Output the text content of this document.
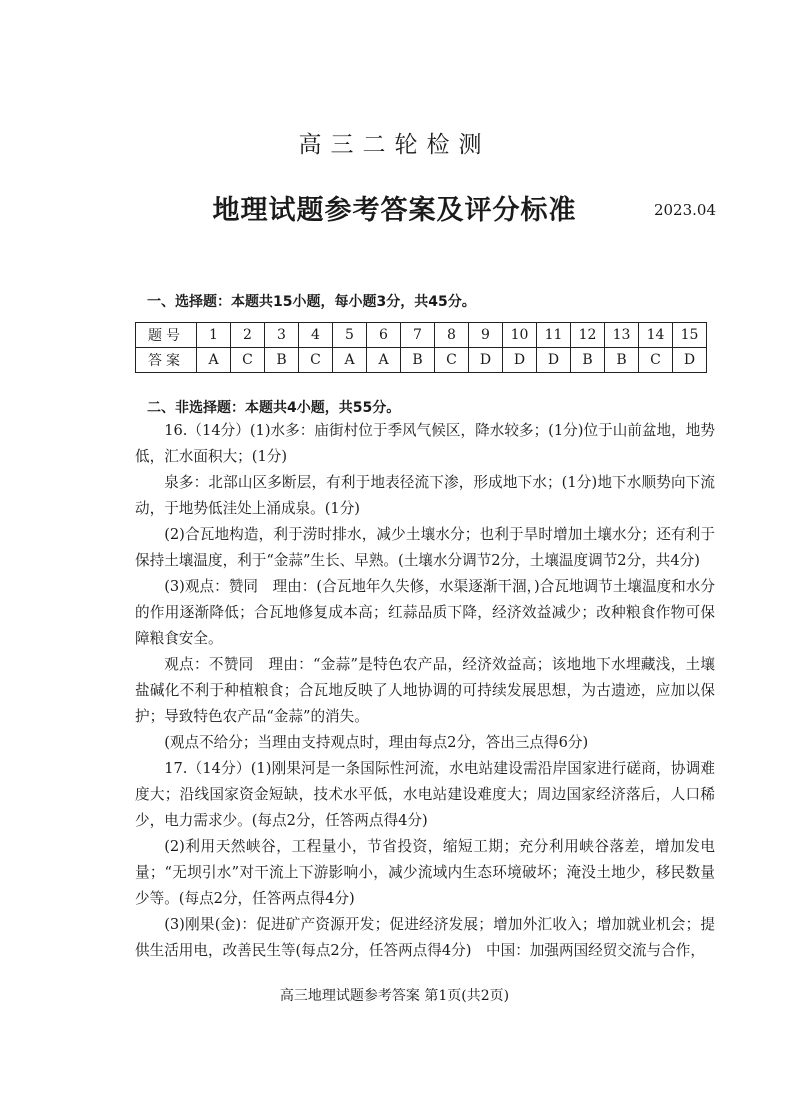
高三二轮检测
地理试题参考答案及评分标准	2023.04
一、选择题：本题共15小题，每小题3分，共45分。
题号	1	2	3	4	5	6	7	8	9	10	11	12	13	14	15
答案	A	C	B	C	A	A	B	C	D	D	D	B	B	C	D
二、非选择题：本题共4小题，共55分。

16.（14分）(1)水多：庙街村位于季风气候区，降水较多；(1分)位于山前盆地，地势低，汇水面积大；(1分)

泉多：北部山区多断层，有利于地表径流下渗，形成地下水；(1分)地下水顺势向下流动，于地势低洼处上涌成泉。(1分)

(2)合瓦地构造，利于涝时排水，减少土壤水分；也利于旱时增加土壤水分；还有利于保持土壤温度，利于“金蒜”生长、早熟。(土壤水分调节2分，土壤温度调节2分，共4分)

(3)观点：赞同　理由：(合瓦地年久失修，水渠逐渐干涸，)合瓦地调节土壤温度和水分的作用逐渐降低；合瓦地修复成本高；红蒜品质下降，经济效益减少；改种粮食作物可保障粮食安全。

观点：不赞同　理由：“金蒜”是特色农产品，经济效益高；该地地下水埋藏浅，土壤盐碱化不利于种植粮食；合瓦地反映了人地协调的可持续发展思想，为古遗迹，应加以保护；导致特色农产品“金蒜”的消失。

(观点不给分；当理由支持观点时，理由每点2分，答出三点得6分)

17.（14分）(1)刚果河是一条国际性河流，水电站建设需沿岸国家进行磋商，协调难度大；沿线国家资金短缺，技术水平低，水电站建设难度大；周边国家经济落后，人口稀少，电力需求少。(每点2分，任答两点得4分)

(2)利用天然峡谷，工程量小，节省投资，缩短工期；充分利用峡谷落差，增加发电量；“无坝引水”对干流上下游影响小，减少流域内生态环境破坏；淹没土地少，移民数量少等。(每点2分，任答两点得4分)

(3)刚果(金)：促进矿产资源开发；促进经济发展；增加外汇收入；增加就业机会；提供生活用电，改善民生等(每点2分，任答两点得4分)　中国：加强两国经贸交流与合作，

高三地理试题参考答案 第1页(共2页)
